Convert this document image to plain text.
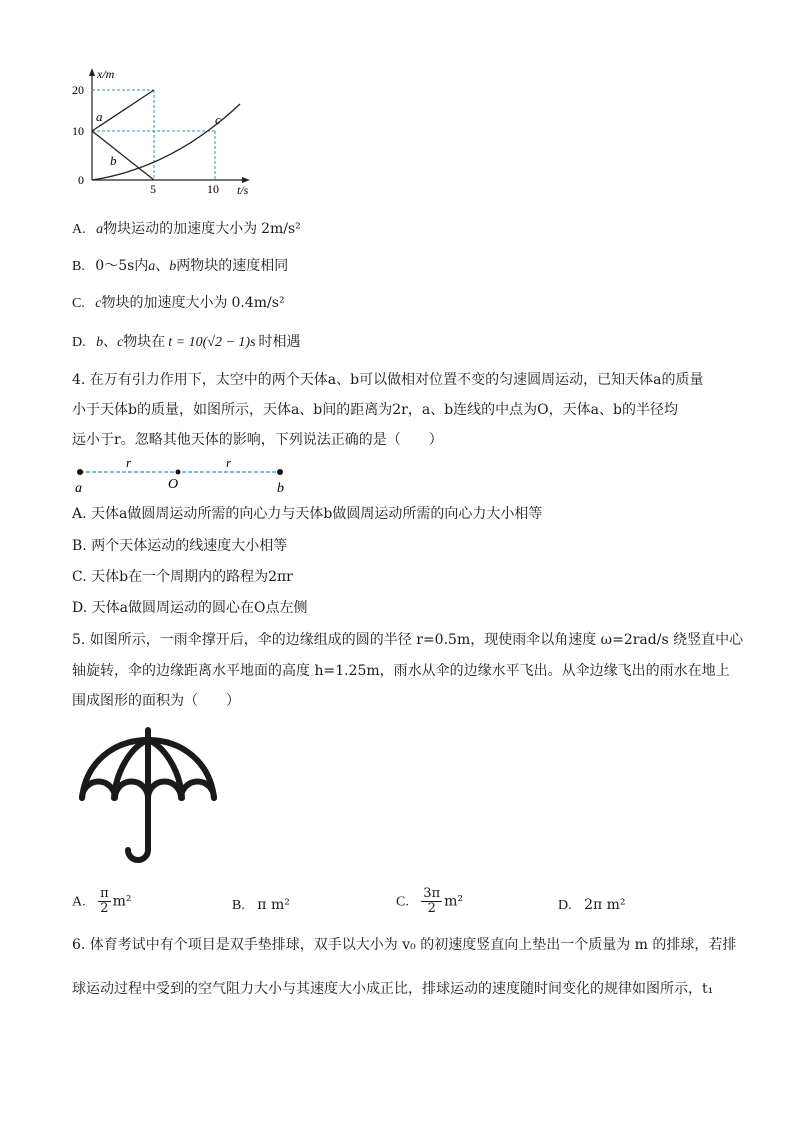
x/m
t/s
20
10
0
5	10
a
b
c
A. a物块运动的加速度大小为 2m/s²
B. 0～5s内a、b两物块的速度相同
C. c物块的加速度大小为 0.4m/s²
D. b、c物块在 t = 10(√2 − 1)s 时相遇
4. 在万有引力作用下，太空中的两个天体a、b可以做相对位置不变的匀速圆周运动，已知天体a的质量
小于天体b的质量，如图所示，天体a、b间的距离为2r，a、b连线的中点为O，天体a、b的半径均
远小于r。忽略其他天体的影响，下列说法正确的是（　　）
r	r
a	O	b
A. 天体a做圆周运动所需的向心力与天体b做圆周运动所需的向心力大小相等
B. 两个天体运动的线速度大小相等
C. 天体b在一个周期内的路程为2πr
D. 天体a做圆周运动的圆心在O点左侧
5. 如图所示，一雨伞撑开后，伞的边缘组成的圆的半径 r=0.5m，现使雨伞以角速度 ω=2rad/s 绕竖直中心
轴旋转，伞的边缘距离水平地面的高度 h=1.25m，雨水从伞的边缘水平飞出。从伞边缘飞出的雨水在地上
围成图形的面积为（　　）
A. $\frac{\pi}{2} m^2$	B. π m²	C. $\frac{3\pi}{2} m^2$	D. 2π m²
6. 体育考试中有个项目是双手垫排球，双手以大小为 v₀ 的初速度竖直向上垫出一个质量为 m 的排球，若排
球运动过程中受到的空气阻力大小与其速度大小成正比，排球运动的速度随时间变化的规律如图所示，t₁
